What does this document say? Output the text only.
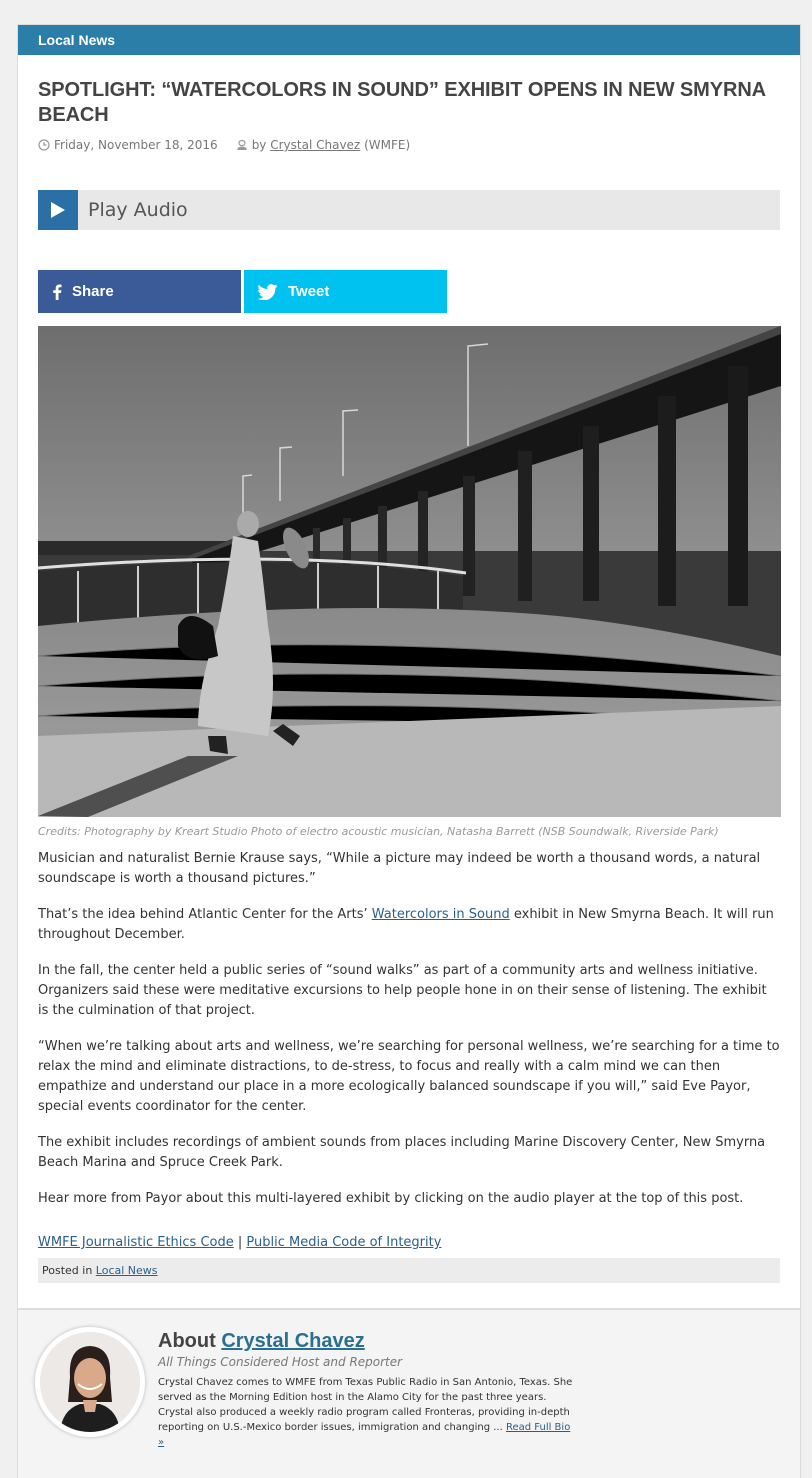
Local News
SPOTLIGHT: “WATERCOLORS IN SOUND” EXHIBIT OPENS IN NEW SMYRNA BEACH
Friday, November 18, 2016	by
Crystal Chavez
(WMFE)
Play Audio
Share	Tweet
Credits: Photography by Kreart Studio Photo of electro acoustic musician, Natasha Barrett (NSB Soundwalk, Riverside Park)

Musician and naturalist Bernie Krause says, “While a picture may indeed be worth a thousand words, a natural soundscape is worth a thousand pictures.”

That’s the idea behind Atlantic Center for the Arts’ Watercolors in Sound exhibit in New Smyrna Beach. It will run throughout December.

In the fall, the center held a public series of “sound walks” as part of a community arts and wellness initiative. Organizers said these were meditative excursions to help people hone in on their sense of listening. The exhibit is the culmination of that project.

“When we’re talking about arts and wellness, we’re searching for personal wellness, we’re searching for a time to relax the mind and eliminate distractions, to de-stress, to focus and really with a calm mind we can then empathize and understand our place in a more ecologically balanced soundscape if you will,” said Eve Payor, special events coordinator for the center.

The exhibit includes recordings of ambient sounds from places including Marine Discovery Center, New Smyrna Beach Marina and Spruce Creek Park.

Hear more from Payor about this multi-layered exhibit by clicking on the audio player at the top of this post.

WMFE Journalistic Ethics Code | Public Media Code of Integrity
Posted in Local News
About Crystal Chavez
All Things Considered Host and Reporter
Crystal Chavez comes to WMFE from Texas Public Radio in San Antonio, Texas. She served as the Morning Edition host in the Alamo City for the past three years. Crystal also produced a weekly radio program called Fronteras, providing in-depth reporting on U.S.-Mexico border issues, immigration and changing ... Read Full Bio »
